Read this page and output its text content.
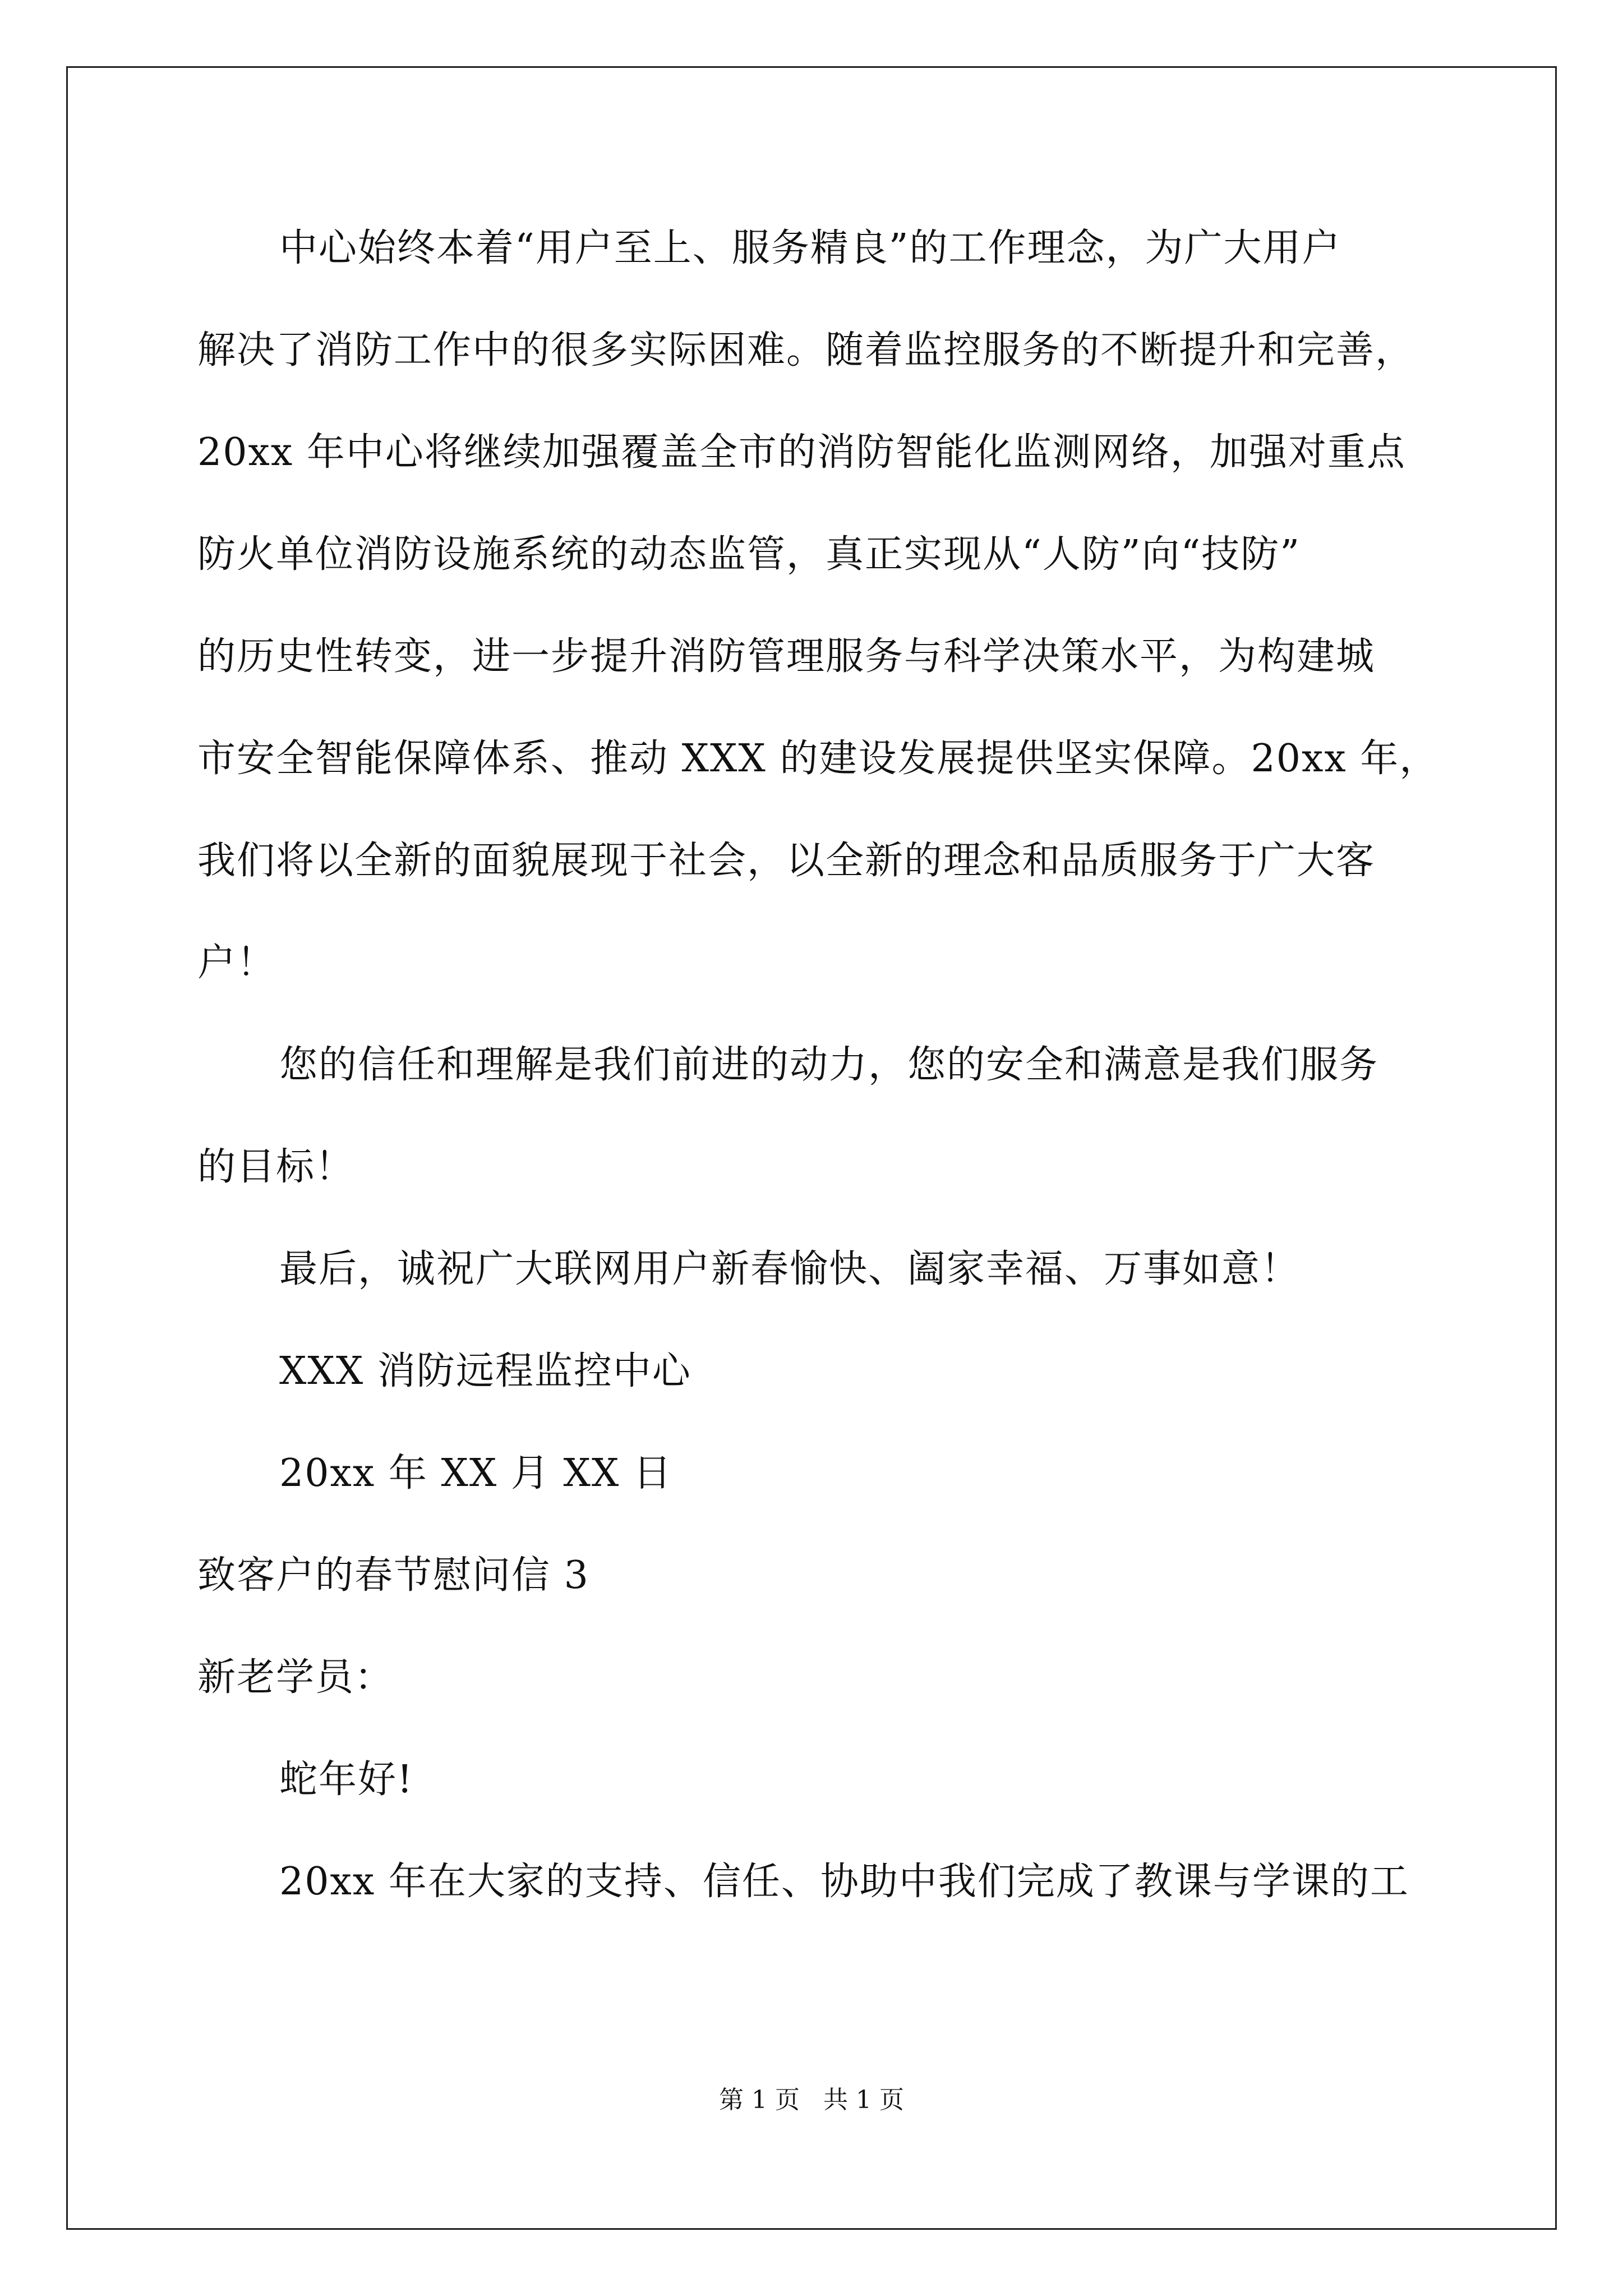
中心始终本着“用户至上、服务精良”的工作理念，为广大用户
解决了消防工作中的很多实际困难。随着监控服务的不断提升和完善，
20xx 年中心将继续加强覆盖全市的消防智能化监测网络，加强对重点
防火单位消防设施系统的动态监管，真正实现从“人防”向“技防”
的历史性转变，进一步提升消防管理服务与科学决策水平，为构建城
市安全智能保障体系、推动 XXX 的建设发展提供坚实保障。20xx 年，
我们将以全新的面貌展现于社会，以全新的理念和品质服务于广大客
户！
您的信任和理解是我们前进的动力，您的安全和满意是我们服务
的目标！
最后，诚祝广大联网用户新春愉快、阖家幸福、万事如意！
XXX 消防远程监控中心
20xx 年 XX 月 XX 日
致客户的春节慰问信 3
新老学员：
蛇年好!
20xx 年在大家的支持、信任、协助中我们完成了教课与学课的工
第 1 页   共 1 页
